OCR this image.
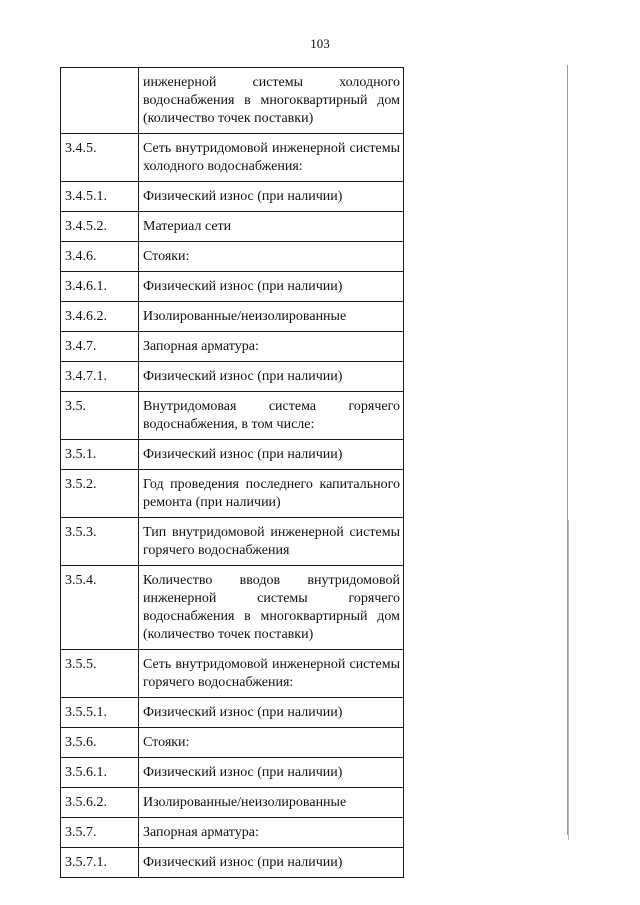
103
	инженерной системы холодного водоснабжения в многоквартирный дом (количество точек поставки)
3.4.5.	Сеть внутридомовой инженерной системы холодного водоснабжения:
3.4.5.1.	Физический износ (при наличии)
3.4.5.2.	Материал сети
3.4.6.	Стояки:
3.4.6.1.	Физический износ (при наличии)
3.4.6.2.	Изолированные/неизолированные
3.4.7.	Запорная арматура:
3.4.7.1.	Физический износ (при наличии)
3.5.	Внутридомовая система горячего водоснабжения, в том числе:
3.5.1.	Физический износ (при наличии)
3.5.2.	Год проведения последнего капитального ремонта (при наличии)
3.5.3.	Тип внутридомовой инженерной системы горячего водоснабжения
3.5.4.	Количество вводов внутридомовой инженерной системы горячего водоснабжения в многоквартирный дом (количество точек поставки)
3.5.5.	Сеть внутридомовой инженерной системы горячего водоснабжения:
3.5.5.1.	Физический износ (при наличии)
3.5.6.	Стояки:
3.5.6.1.	Физический износ (при наличии)
3.5.6.2.	Изолированные/неизолированные
3.5.7.	Запорная арматура:
3.5.7.1.	Физический износ (при наличии)
